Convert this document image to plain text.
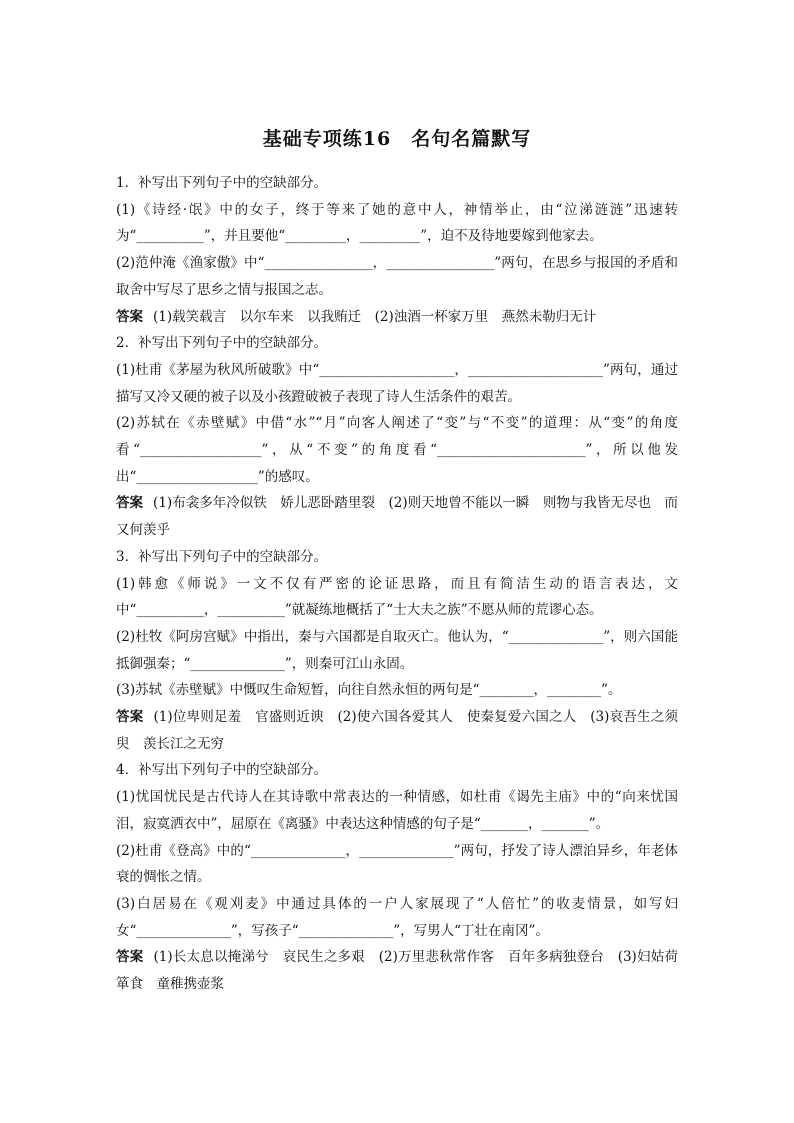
基础专项练16　名句名篇默写

1．补写出下列句子中的空缺部分。

(1)《诗经·氓》中的女子，终于等来了她的意中人，神情举止，由“泣涕涟涟”迅速转为“__________”，并且要他“_________，_________”，迫不及待地要嫁到他家去。

(2)范仲淹《渔家傲》中“________________，________________”两句，在思乡与报国的矛盾和取舍中写尽了思乡之情与报国之志。

答案 (1)载笑载言　以尔车来　以我贿迁　(2)浊酒一杯家万里　燕然未勒归无计

2．补写出下列句子中的空缺部分。

(1)杜甫《茅屋为秋风所破歌》中“____________________，____________________”两句，通过描写又冷又硬的被子以及小孩蹬破被子表现了诗人生活条件的艰苦。

(2)苏轼在《赤壁赋》中借“水”“月”向客人阐述了“变”与“不变”的道理：从“变”的角度看“__________________”，从“不变”的角度看“______________________”，所以他发出“__________________”的感叹。

答案 (1)布衾多年冷似铁　娇儿恶卧踏里裂　(2)则天地曾不能以一瞬　则物与我皆无尽也　而又何羡乎

3．补写出下列句子中的空缺部分。

(1)韩愈《师说》一文不仅有严密的论证思路，而且有简洁生动的语言表达，文中“__________，__________”就凝练地概括了“士大夫之族”不愿从师的荒谬心态。

(2)杜牧《阿房宫赋》中指出，秦与六国都是自取灭亡。他认为，“______________”，则六国能抵御强秦；“______________”，则秦可江山永固。

(3)苏轼《赤壁赋》中慨叹生命短暂，向往自然永恒的两句是“________，________”。

答案 (1)位卑则足羞　官盛则近谀　(2)使六国各爱其人　使秦复爱六国之人　(3)哀吾生之须臾　羡长江之无穷

4．补写出下列句子中的空缺部分。

(1)忧国忧民是古代诗人在其诗歌中常表达的一种情感，如杜甫《谒先主庙》中的“向来忧国泪，寂寞洒衣中”，屈原在《离骚》中表达这种情感的句子是“_______，_______”。

(2)杜甫《登高》中的“______________，______________”两句，抒发了诗人漂泊异乡，年老体衰的惆怅之情。

(3)白居易在《观刈麦》中通过具体的一户人家展现了“人倍忙”的收麦情景，如写妇女“______________”，写孩子“______________”，写男人“丁壮在南冈”。

答案 (1)长太息以掩涕兮　哀民生之多艰　(2)万里悲秋常作客　百年多病独登台　(3)妇姑荷箪食　童稚携壶浆
